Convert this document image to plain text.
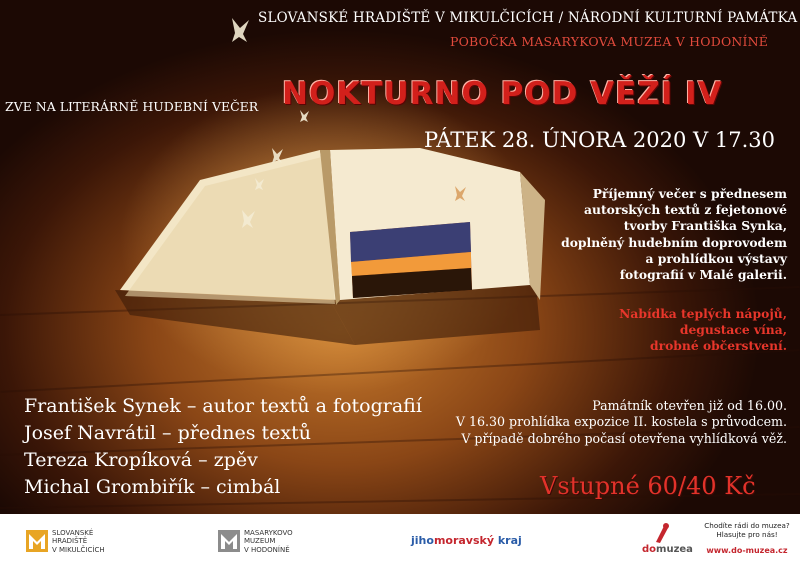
SLOVANSKÉ HRADIŠTĚ V MIKULČICÍCH / NÁRODNÍ KULTURNÍ PAMÁTKA
POBOČKA MASARYKOVA MUZEA V HODONÍNĚ
ZVE NA LITERÁRNĚ HUDEBNÍ VEČER NOKTURNO POD VĚŽÍ IV
PÁTEK 28. ÚNORA 2020 V 17.30
Příjemný večer s přednesem
autorských textů z fejetonové
tvorby Františka Synka,
doplněný hudebním doprovodem
a prohlídkou výstavy
fotografií v Malé galerii.
Nabídka teplých nápojů,
degustace vína,
drobné občerstvení.
Památník otevřen již od 16.00.
V 16.30 prohlídka expozice II. kostela s průvodcem.
V případě dobrého počasí otevřena vyhlídková věž.
František Synek – autor textů a fotografií
Josef Navrátil – přednes textů
Tereza Kropíková – zpěv
Michal Grombiřík – cimbál	Vstupné 60/40 Kč
SLOVANSKÉ
HRADIŠTĚ
V MIKULČICÍCH
MASARYKOVO
MUZEUM
V HODONÍNĚ
jihomoravský kraj
domuzea
Chodíte rádi do muzea?
Hlasujte pro nás!
www.do-muzea.cz
